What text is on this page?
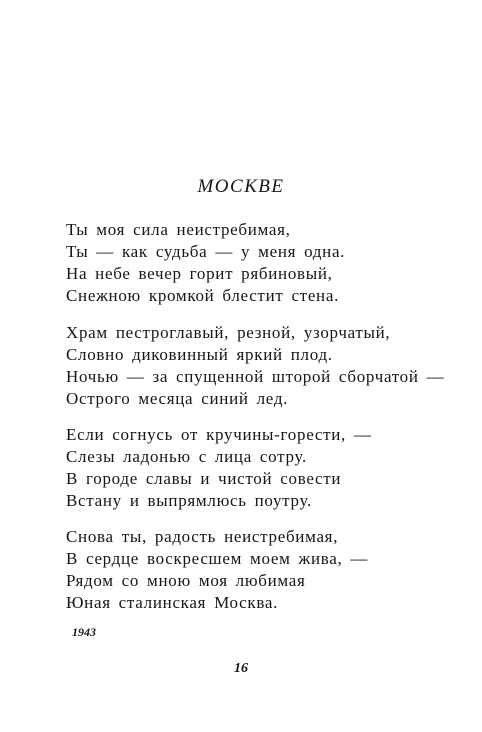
МОСКВЕ
Ты моя сила неистребимая,
Ты — как судьба — у меня одна.
На небе вечер горит рябиновый,
Снежною кромкой блестит стена.
Храм пестроглавый, резной, узорчатый,
Словно диковинный яркий плод.
Ночью — за спущенной шторой сборчатой —
Острого месяца синий лед.
Если согнусь от кручины-горести, —
Слезы ладонью с лица сотру.
В городе славы и чистой совести
Встану и выпрямлюсь поутру.
Снова ты, радость неистребимая,
В сердце воскресшем моем жива, —
Рядом со мною моя любимая
Юная сталинская Москва.
1943
16
